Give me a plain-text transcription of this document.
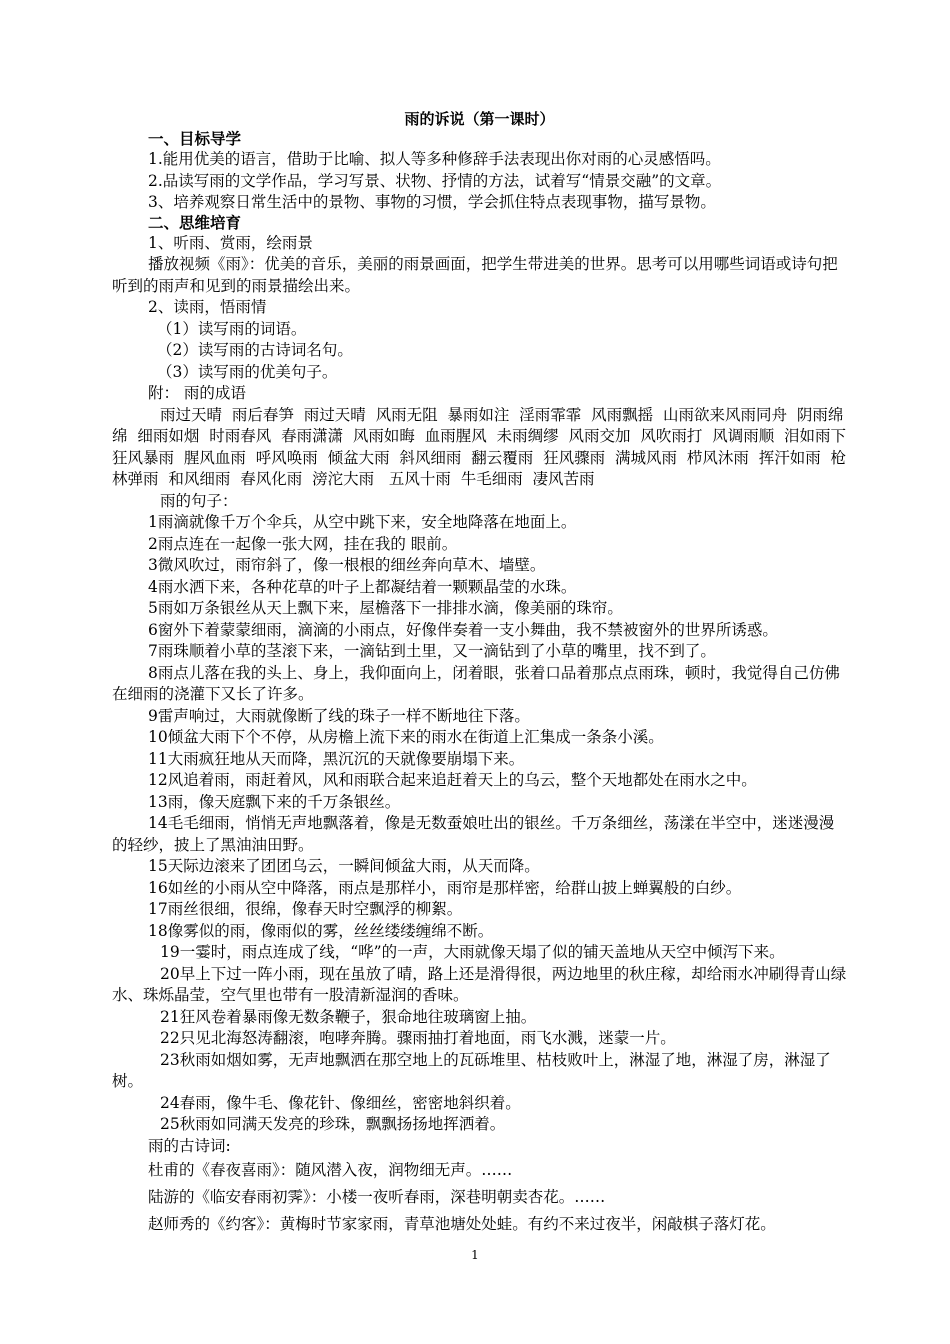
雨的诉说（第一课时）
一、目标导学

1.能用优美的语言，借助于比喻、拟人等多种修辞手法表现出你对雨的心灵感悟吗。

2.品读写雨的文学作品，学习写景、状物、抒情的方法，试着写“情景交融”的文章。

3、培养观察日常生活中的景物、事物的习惯，学会抓住特点表现事物，描写景物。

二、思维培育

1、听雨、赏雨，绘雨景

播放视频《雨》：优美的音乐，美丽的雨景画面，把学生带进美的世界。思考可以用哪些词语或诗句把听到的雨声和见到的雨景描绘出来。

2、读雨，悟雨情

（1）读写雨的词语。

（2）读写雨的古诗词名句。

（3）读写雨的优美句子。

附： 雨的成语

雨过天晴  雨后春笋  雨过天晴  风雨无阻  暴雨如注  淫雨霏霏  风雨飘摇  山雨欲来风雨同舟  阴雨绵绵  细雨如烟  时雨春风  春雨潇潇  风雨如晦  血雨腥风  未雨绸缪  风雨交加  风吹雨打  风调雨顺  泪如雨下  狂风暴雨  腥风血雨  呼风唤雨  倾盆大雨  斜风细雨  翻云覆雨  狂风骤雨  满城风雨  栉风沐雨  挥汗如雨  枪林弹雨  和风细雨  春风化雨  滂沱大雨   五风十雨  牛毛细雨  凄风苦雨

雨的句子：

1雨滴就像千万个伞兵，从空中跳下来，安全地降落在地面上。

2雨点连在一起像一张大网，挂在我的 眼前。

3微风吹过，雨帘斜了，像一根根的细丝奔向草木、墙壁。

4雨水洒下来，各种花草的叶子上都凝结着一颗颗晶莹的水珠。

5雨如万条银丝从天上飘下来，屋檐落下一排排水滴，像美丽的珠帘。

6窗外下着蒙蒙细雨，滴滴的小雨点，好像伴奏着一支小舞曲，我不禁被窗外的世界所诱惑。

7雨珠顺着小草的茎滚下来，一滴钻到土里，又一滴钻到了小草的嘴里，找不到了。

8雨点儿落在我的头上、身上，我仰面向上，闭着眼，张着口品着那点点雨珠，顿时，我觉得自己仿佛在细雨的浇灌下又长了许多。

9雷声响过，大雨就像断了线的珠子一样不断地往下落。

10倾盆大雨下个不停，从房檐上流下来的雨水在街道上汇集成一条条小溪。

11大雨疯狂地从天而降，黑沉沉的天就像要崩塌下来。

12风追着雨，雨赶着风，风和雨联合起来追赶着天上的乌云，整个天地都处在雨水之中。

13雨，像天庭飘下来的千万条银丝。

14毛毛细雨，悄悄无声地飘落着，像是无数蚕娘吐出的银丝。千万条细丝，荡漾在半空中，迷迷漫漫的轻纱，披上了黑油油田野。

15天际边滚来了团团乌云，一瞬间倾盆大雨，从天而降。

16如丝的小雨从空中降落，雨点是那样小，雨帘是那样密，给群山披上蝉翼般的白纱。

17雨丝很细，很绵，像春天时空飘浮的柳絮。

18像雾似的雨，像雨似的雾，丝丝缕缕缠绵不断。

19一霎时，雨点连成了线，“哗”的一声，大雨就像天塌了似的铺天盖地从天空中倾泻下来。

20早上下过一阵小雨，现在虽放了晴，路上还是滑得很，两边地里的秋庄稼，却给雨水冲刷得青山绿水、珠烁晶莹，空气里也带有一股清新湿润的香味。

21狂风卷着暴雨像无数条鞭子，狠命地往玻璃窗上抽。

22只见北海怒涛翻滚，咆哮奔腾。骤雨抽打着地面，雨飞水溅，迷蒙一片。

23秋雨如烟如雾，无声地飘洒在那空地上的瓦砾堆里、枯枝败叶上，淋湿了地，淋湿了房，淋湿了树。

24春雨，像牛毛、像花针、像细丝，密密地斜织着。

25秋雨如同满天发亮的珍珠，飘飘扬扬地挥洒着。

雨的古诗词:

杜甫的《春夜喜雨》：随风潜入夜，润物细无声。……

陆游的《临安春雨初霁》：小楼一夜听春雨，深巷明朝卖杏花。……

赵师秀的《约客》：黄梅时节家家雨，青草池塘处处蛙。有约不来过夜半，闲敲棋子落灯花。

1
